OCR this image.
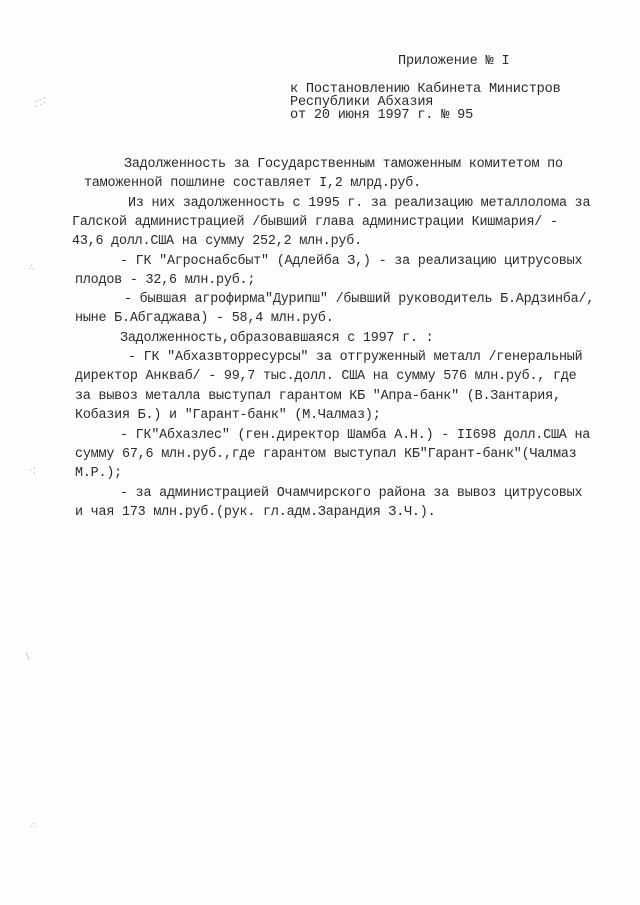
∴∵
⁖
∵
⁞
⁖
Приложение № I
к Постановлению Кабинета Министров
Республики Абхазия
от 20 июня 1997 г. № 95
Задолженность за Государственным таможенным комитетом по
таможенной пошлине составляет I,2 млрд.руб.
Из них задолженность с 1995 г. за реализацию металлолома за
Галской администрацией /бывший глава администрации Кишмария/ -
43,6 долл.США на сумму 252,2 млн.руб.
- ГК "Агроснабсбыт" (Адлейба З,) - за реализацию цитрусовых
плодов - 32,6 млн.руб.;
- бывшая агрофирма"Дурипш" /бывший руководитель Б.Ардзинба/,
ныне Б.Абгаджава) - 58,4 млн.руб.
Задолженность,образовавшаяся с 1997 г. :
- ГК "Абхазвторресурсы" за отгруженный металл /генеральный
директор Анкваб/ - 99,7 тыс.долл. США на сумму 576 млн.руб., где
за вывоз металла выступал гарантом КБ "Апра-банк" (В.Зантария,
Кобазия Б.) и "Гарант-банк" (М.Чалмаз);
- ГК"Абхазлес" (ген.директор Шамба А.Н.) - II698 долл.США на
сумму 67,6 млн.руб.,где гарантом выступал КБ"Гарант-банк"(Чалмаз
М.Р.);
- за администрацией Очамчирского района за вывоз цитрусовых
и чая 173 млн.руб.(рук. гл.адм.Зарандия З.Ч.).
